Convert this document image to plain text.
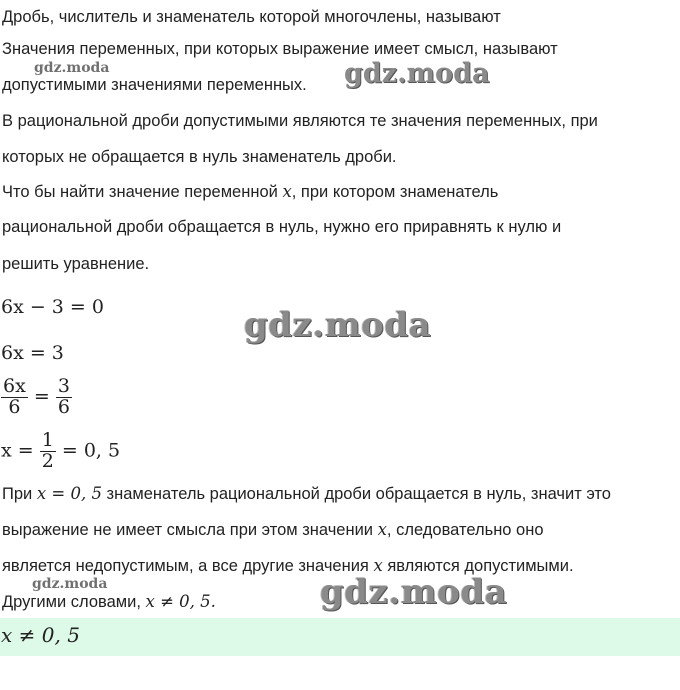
Дробь, числитель и знаменатель которой многочлены, называют
Значения переменных, при которых выражение имеет смысл, называют
допустимыми значениями переменных.
В рациональной дроби допустимыми являются те значения переменных, при
которых не обращается в нуль знаменатель дроби.
Что бы найти значение переменной x, при котором знаменатель
рациональной дроби обращается в нуль, нужно его приравнять к нулю и
решить уравнение.
6x − 3 = 0
6x = 3
$\frac{6x}{6} = \frac{3}{6}$
$x = \frac{1}{2} = 0$, 5
При x = 0, 5 знаменатель рациональной дроби обращается в нуль, значит это
выражение не имеет смысла при этом значении x, следовательно оно
является недопустимым, а все другие значения x являются допустимыми.
Другими словами, x ≠ 0, 5.
x ≠ 0, 5
gdz.moda	gdz.moda
gdz.moda
gdz.moda	gdz.moda
